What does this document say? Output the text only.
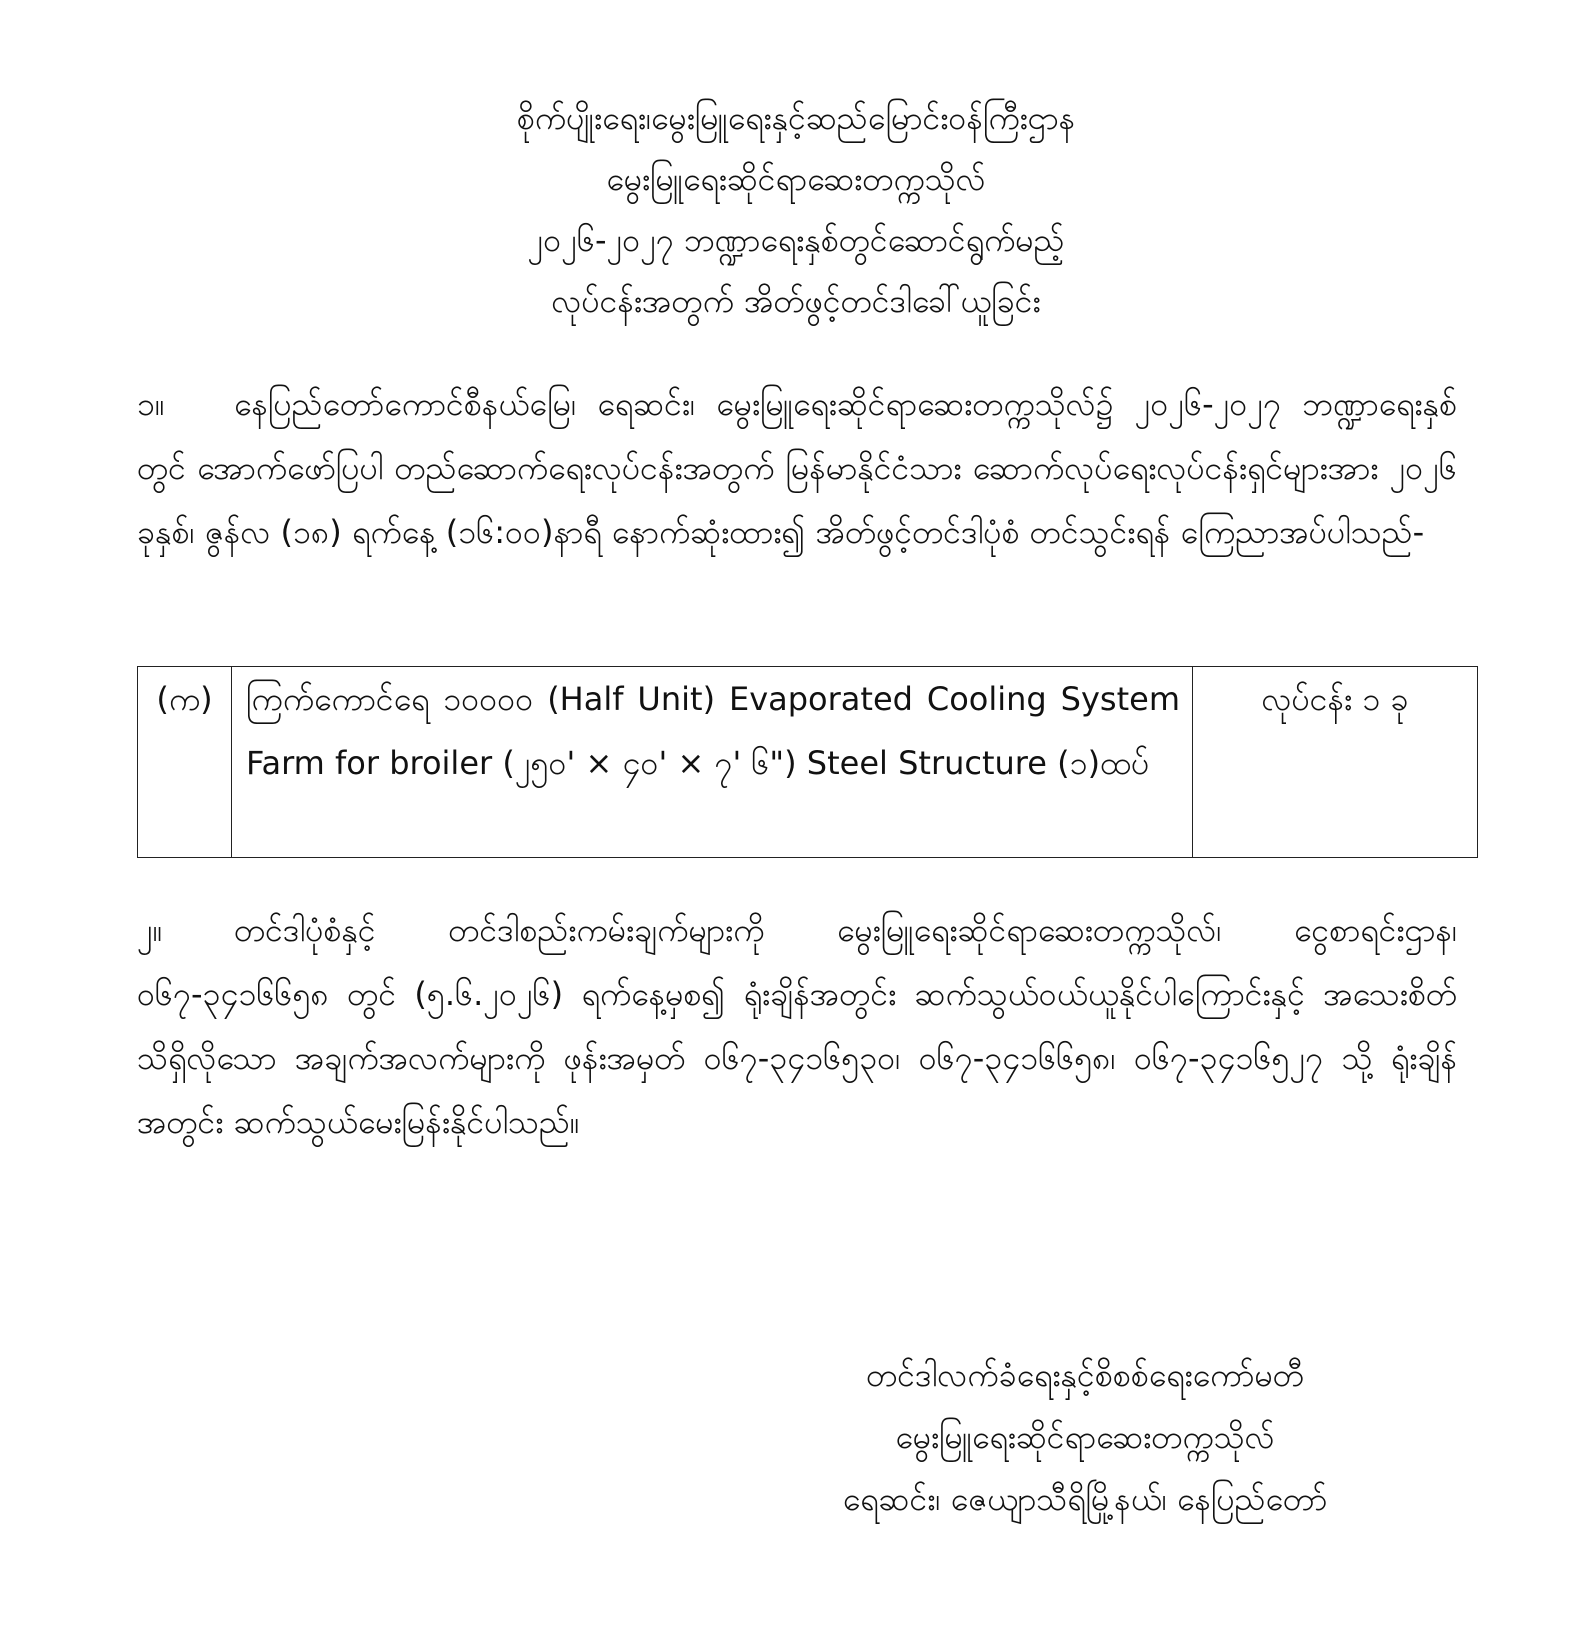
စိုက်ပျိုးရေး၊မွေးမြူရေးနှင့်ဆည်မြောင်းဝန်ကြီးဌာန
မွေးမြူရေးဆိုင်ရာဆေးတက္ကသိုလ်
၂၀၂၆-၂၀၂၇ ဘဏ္ဍာရေးနှစ်တွင်ဆောင်ရွက်မည့်
လုပ်ငန်းအတွက် အိတ်ဖွင့်တင်ဒါခေါ်ယူခြင်း
၁။ နေပြည်တော်ကောင်စီနယ်မြေ၊ ရေဆင်း၊ မွေးမြူရေးဆိုင်ရာဆေးတက္ကသိုလ်၌ ၂၀၂၆-၂၀၂၇ ဘဏ္ဍာရေးနှစ်တွင် အောက်ဖော်ပြပါ တည်ဆောက်ရေးလုပ်ငန်းအတွက် မြန်မာနိုင်ငံသား ဆောက်လုပ်ရေးလုပ်ငန်းရှင်များအား ၂၀၂၆ ခုနှစ်၊ ဇွန်လ (၁၈) ရက်နေ့ (၁၆:၀၀)နာရီ နောက်ဆုံးထား၍ အိတ်ဖွင့်တင်ဒါပုံစံ တင်သွင်းရန် ကြေညာအပ်ပါသည်-
(က)	ကြက်ကောင်ရေ ၁၀၀၀၀ (Half Unit) Evaporated Cooling System Farm for broiler (၂၅၀' × ၄၀' × ၇' ၆") Steel Structure (၁)ထပ်	လုပ်ငန်း ၁ ခု
၂။ တင်ဒါပုံစံနှင့် တင်ဒါစည်းကမ်းချက်များကို မွေးမြူရေးဆိုင်ရာဆေးတက္ကသိုလ်၊ ငွေစာရင်းဌာန၊ ၀၆၇-၃၄၁၆၆၅၈ တွင် (၅.၆.၂၀၂၆) ရက်နေ့မှစ၍ ရုံးချိန်အတွင်း ဆက်သွယ်ဝယ်ယူနိုင်ပါကြောင်းနှင့် အသေးစိတ် သိရှိလိုသော အချက်အလက်များကို ဖုန်းအမှတ် ၀၆၇-၃၄၁၆၅၃၀၊ ၀၆၇-၃၄၁၆၆၅၈၊ ၀၆၇-၃၄၁၆၅၂၇ သို့ ရုံးချိန်အတွင်း ဆက်သွယ်မေးမြန်းနိုင်ပါသည်။
တင်ဒါလက်ခံရေးနှင့်စိစစ်ရေးကော်မတီ
မွေးမြူရေးဆိုင်ရာဆေးတက္ကသိုလ်
ရေဆင်း၊ ဇေယျာသီရိမြို့နယ်၊ နေပြည်တော်
